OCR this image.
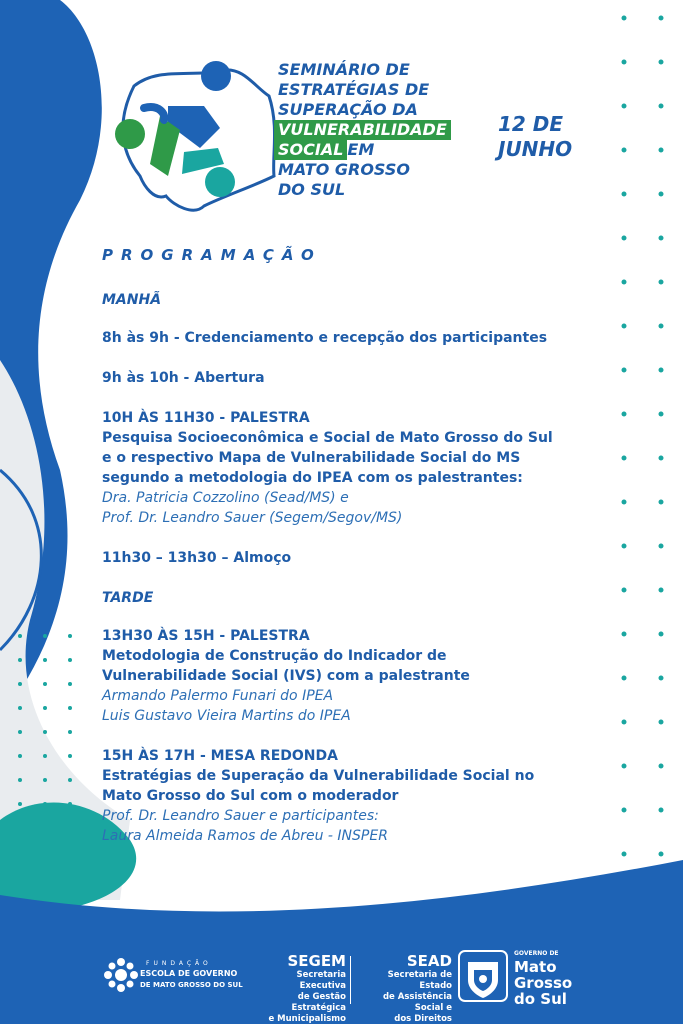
SEMINÁRIO DE
ESTRATÉGIAS DE
SUPERAÇÃO DA
VULNERABILIDADE
SOCIAL EM
MATO GROSSO
DO SUL
12 DE
JUNHO
PROGRAMAÇÃO
MANHÃ
8h às 9h - Credenciamento e recepção dos participantes
9h às 10h - Abertura
10H ÀS 11H30 - PALESTRA
Pesquisa Socioeconômica e Social de Mato Grosso do Sul
e o respectivo Mapa de Vulnerabilidade Social do MS
segundo a metodologia do IPEA com os palestrantes:
Dra. Patricia Cozzolino (Sead/MS) e
Prof. Dr. Leandro Sauer (Segem/Segov/MS)
11h30 – 13h30 – Almoço
TARDE
13H30 ÀS 15H - PALESTRA
Metodologia de Construção do Indicador de
Vulnerabilidade Social (IVS) com a palestrante
Armando Palermo Funari do IPEA
Luis Gustavo Vieira Martins do IPEA
15H ÀS 17H - MESA REDONDA
Estratégias de Superação da Vulnerabilidade Social no
Mato Grosso do Sul com o moderador
Prof. Dr. Leandro Sauer e participantes:
Laura Almeida Ramos de Abreu - INSPER
FUNDAÇÃO
ESCOLA DE GOVERNO
DE MATO GROSSO DO SUL
SEGEM
Secretaria Executiva
de Gestão Estratégica
e Municipalismo
SEAD
Secretaria de Estado
de Assistência Social e
dos Direitos Humanos
GOVERNO DE
Mato
Grosso
do Sul
